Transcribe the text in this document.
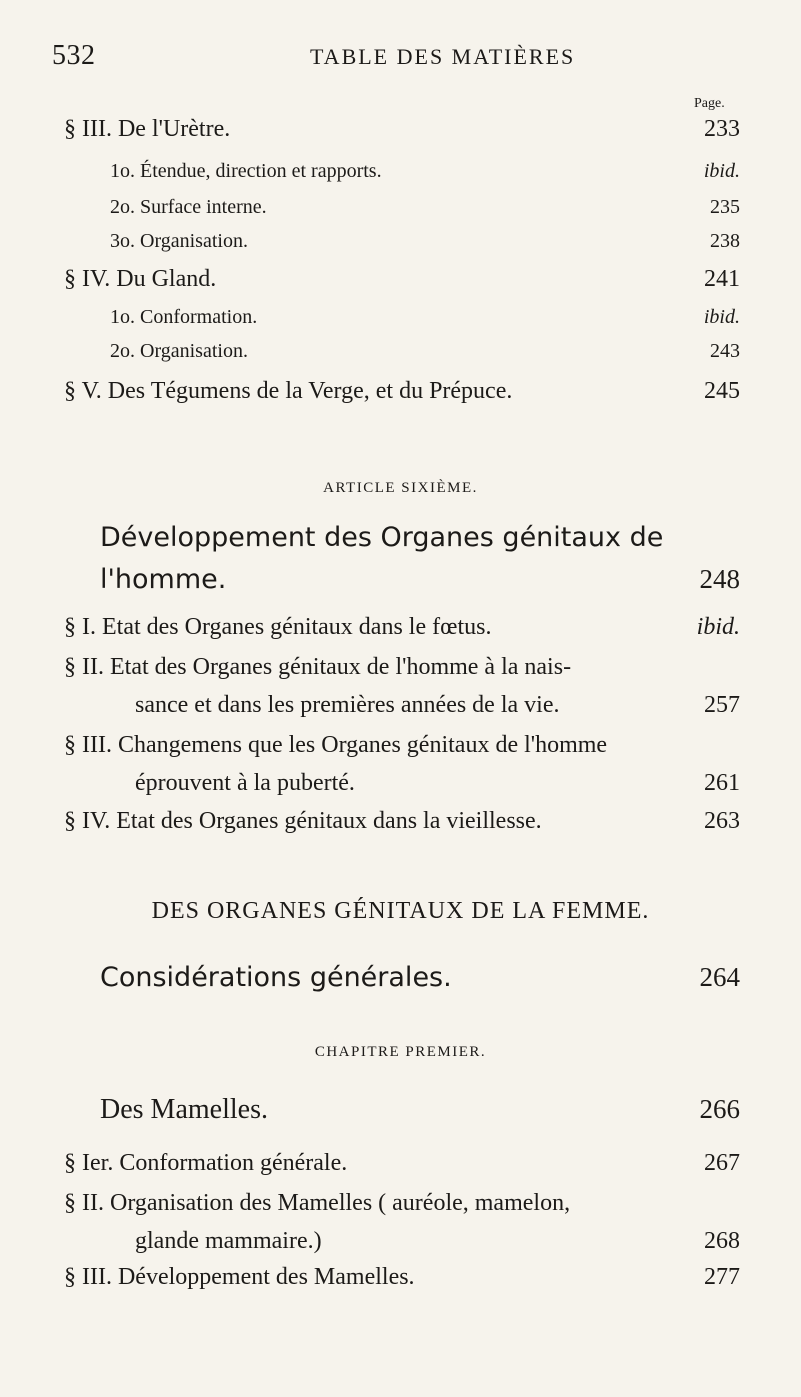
532	TABLE DES MATIÈRES
Page.
§ III. De l'Urètre.	233
1o. Étendue, direction et rapports.	ibid.
2o. Surface interne.	235
3o. Organisation.	238
§ IV. Du Gland.	241
1o. Conformation.	ibid.
2o. Organisation.	243
§ V. Des Tégumens de la Verge, et du Prépuce.	245
ARTICLE SIXIÈME.
Développement des Organes génitaux de
l'homme.	248
§ I. Etat des Organes génitaux dans le fœtus.	ibid.
§ II. Etat des Organes génitaux de l'homme à la nais-
sance et dans les premières années de la vie.	257
§ III. Changemens que les Organes génitaux de l'homme
éprouvent à la puberté.	261
§ IV. Etat des Organes génitaux dans la vieillesse.	263
DES ORGANES GÉNITAUX DE LA FEMME.
Considérations générales.	264
CHAPITRE PREMIER.
Des Mamelles.	266
§ Ier. Conformation générale.	267
§ II. Organisation des Mamelles ( auréole, mamelon,
glande mammaire.)	268
§ III. Développement des Mamelles.	277
